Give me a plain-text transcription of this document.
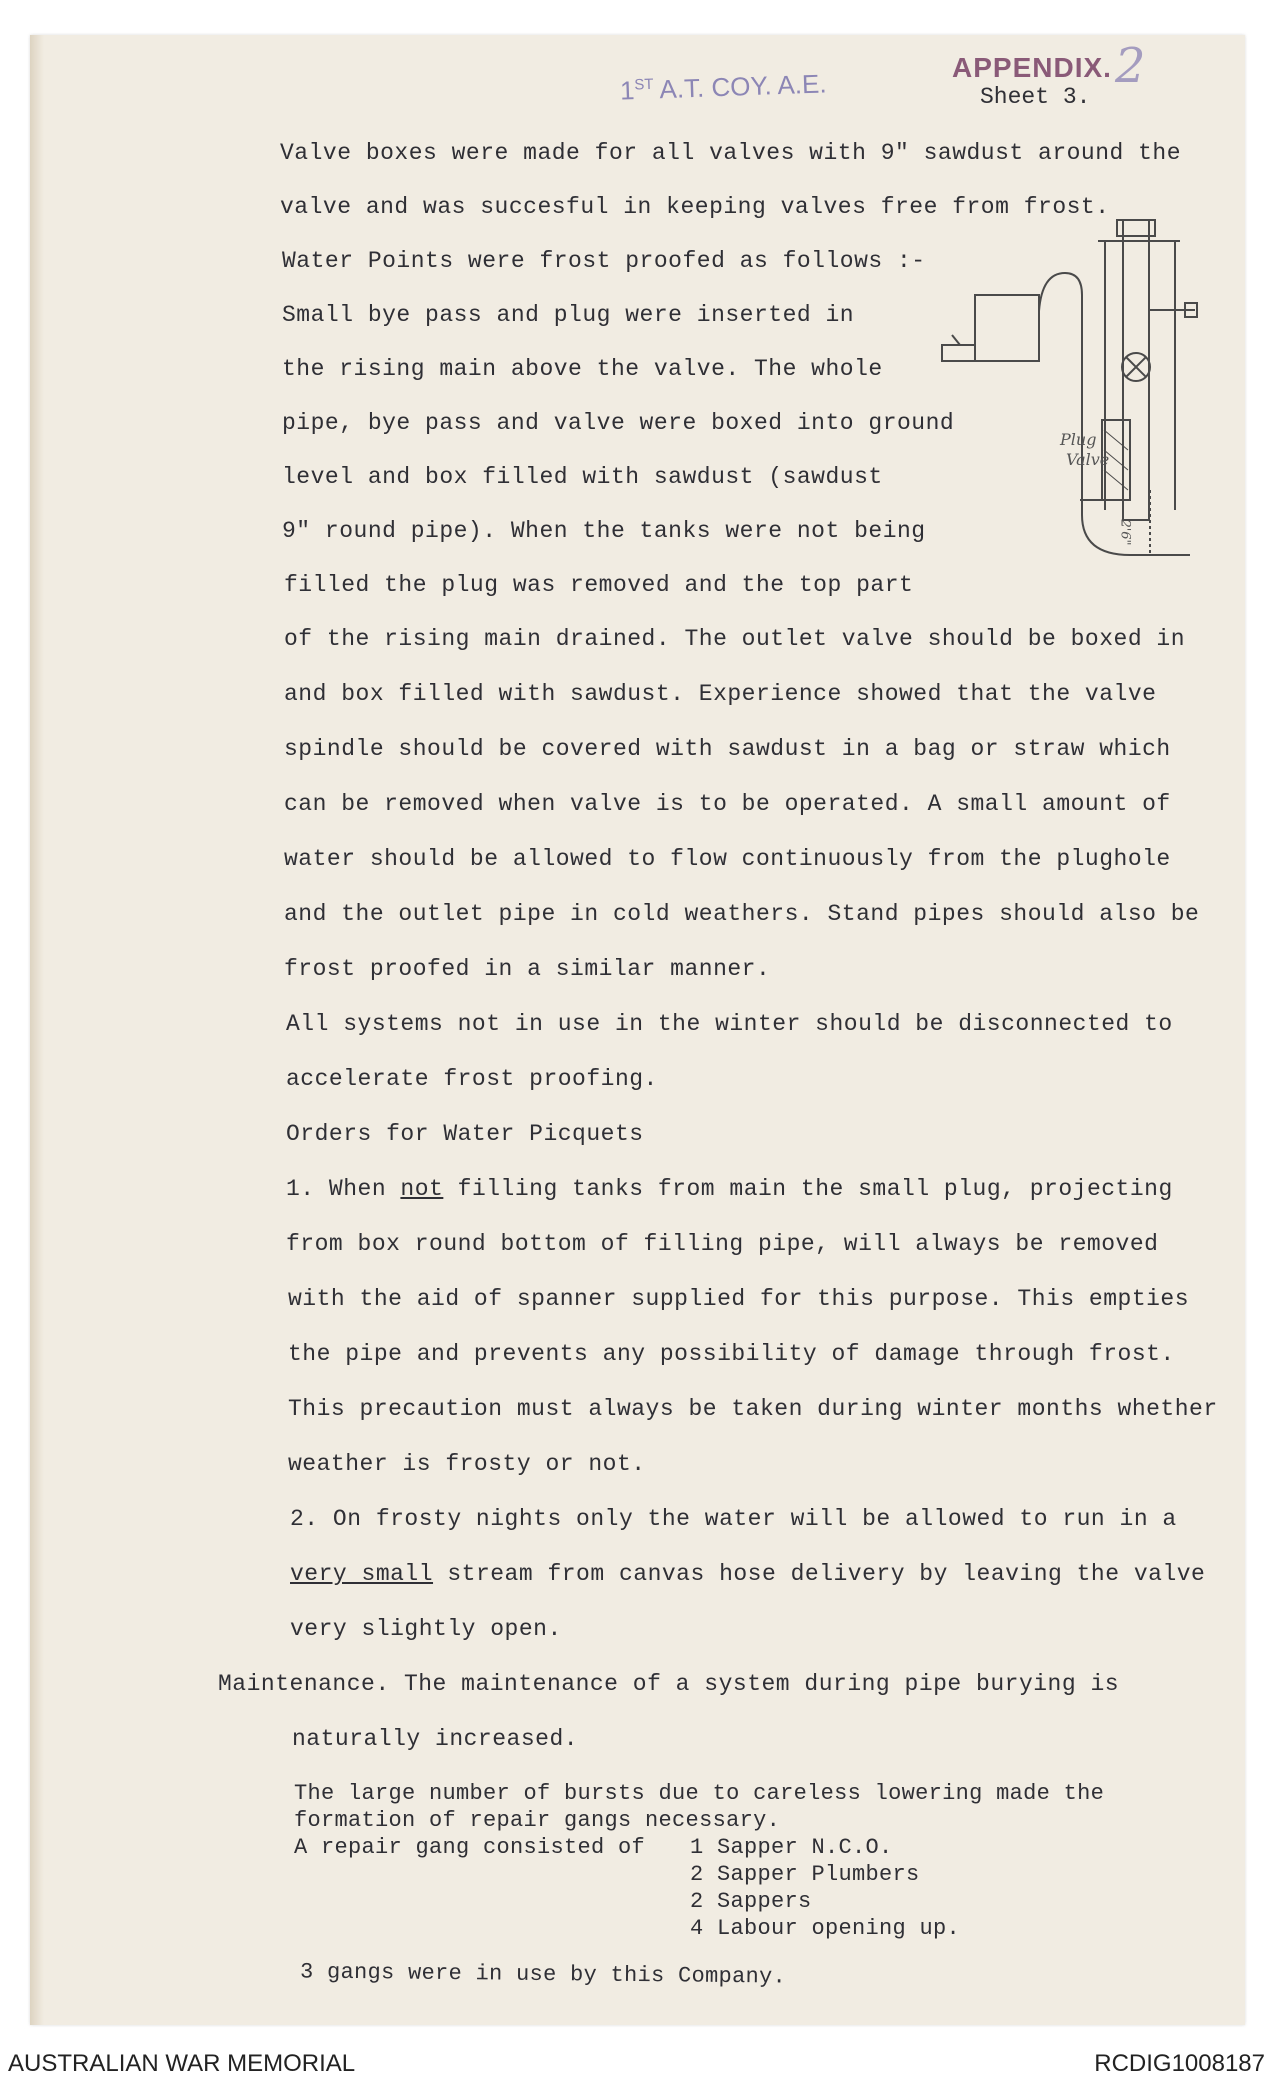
1ST A.T. COY. A.E.
APPENDIX. 2
Sheet 3.
Valve boxes were made for all valves with 9" sawdust around the
valve and was succesful in keeping valves free from frost.
Water Points were frost proofed as follows :-
Small bye pass and plug were inserted in
the rising main above the valve. The whole
pipe, bye pass and valve were boxed into ground
level and box filled with sawdust (sawdust
9" round pipe). When the tanks were not being
filled the plug was removed and the top part
of the rising main drained. The outlet valve should be boxed in
and box filled with sawdust. Experience showed that the valve
spindle should be covered with sawdust in a bag or straw which
can be removed when valve is to be operated. A small amount of
water should be allowed to flow continuously from the plughole
and the outlet pipe in cold weathers. Stand pipes should also be
frost proofed in a similar manner.
All systems not in use in the winter should be disconnected to
accelerate frost proofing.
Orders for Water Picquets
1. When not filling tanks from main the small plug, projecting
from box round bottom of filling pipe, will always be removed
with the aid of spanner supplied for this purpose. This empties
the pipe and prevents any possibility of damage through frost.
This precaution must always be taken during winter months whether
weather is frosty or not.
2. On frosty nights only the water will be allowed to run in a
very small stream from canvas hose delivery by leaving the valve
very slightly open.
Maintenance. The maintenance of a system during pipe burying is
naturally increased.
The large number of bursts due to careless lowering made the
formation of repair gangs necessary.
A repair gang consisted of 1 Sapper N.C.O.
2 Sapper Plumbers
2 Sappers
4 Labour opening up.
3 gangs were in use by this Company.
Plug
Valve
2'6"
AUSTRALIAN WAR MEMORIAL	RCDIG1008187
